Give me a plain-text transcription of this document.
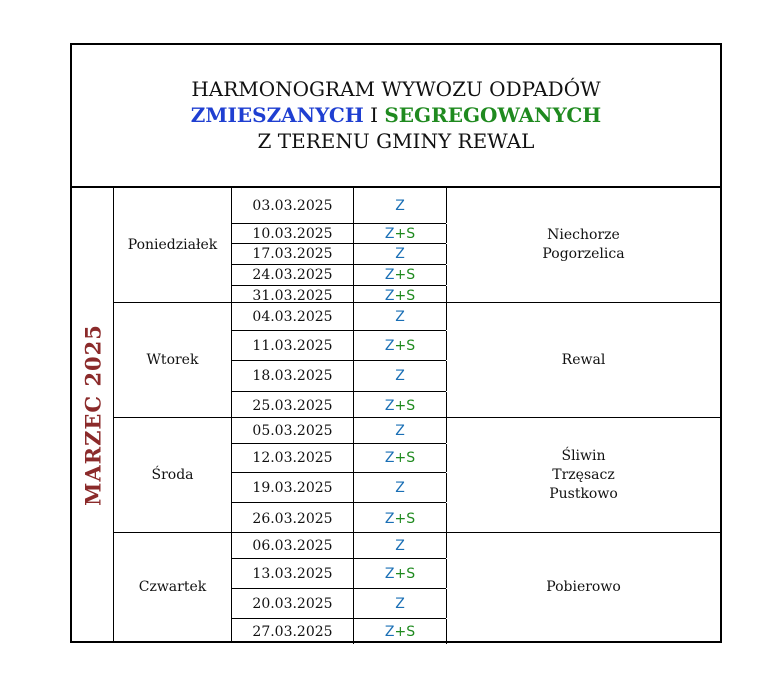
HARMONOGRAM WYWOZU ODPADÓW
ZMIESZANYCH I SEGREGOWANYCH
Z TERENU GMINY REWAL
MARZEC 2025
Poniedziałek
03.03.2025	Z
10.03.2025	Z +S
17.03.2025	Z
24.03.2025	Z +S
31.03.2025	Z +S
Niechorze
Pogorzelica
Wtorek
04.03.2025	Z
11.03.2025	Z +S
18.03.2025	Z
25.03.2025	Z +S
Rewal
Środa
05.03.2025	Z
12.03.2025	Z +S
19.03.2025	Z
26.03.2025	Z +S
Śliwin
Trzęsacz
Pustkowo
Czwartek
06.03.2025	Z
13.03.2025	Z +S
20.03.2025	Z
27.03.2025	Z +S
Pobierowo
